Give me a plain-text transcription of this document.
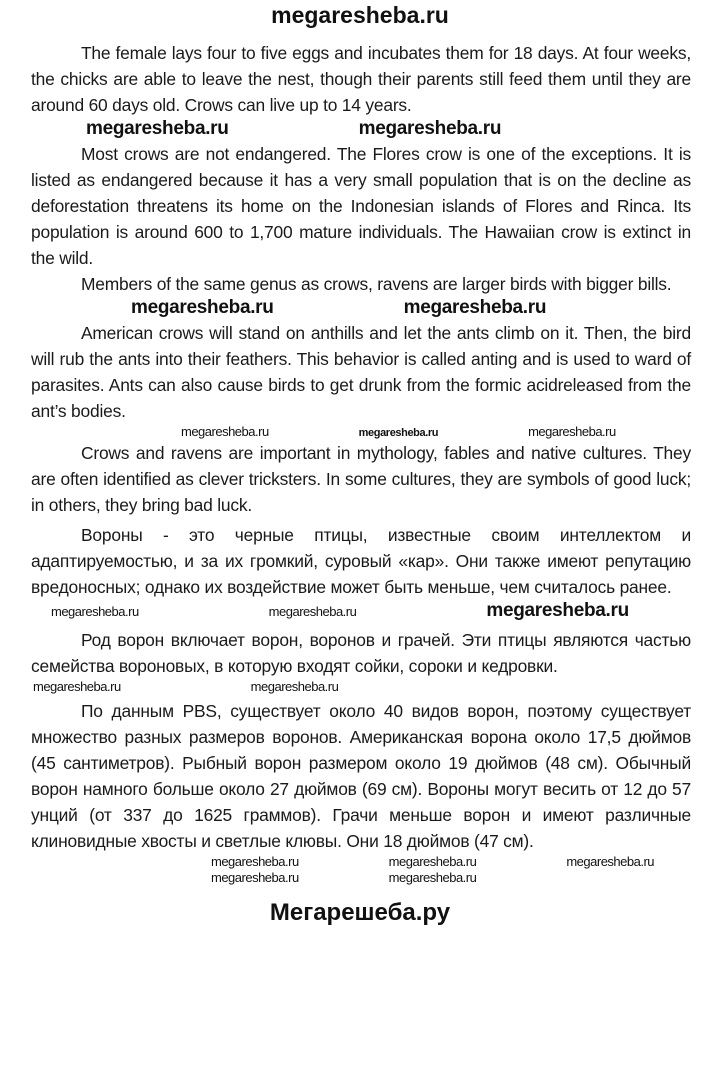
megaresheba.ru

The female lays four to five eggs and incubates them for 18 days. At four weeks, the chicks are able to leave the nest, though their parents still feed them until they are around 60 days old. Crows can live up to 14 years.

megaresheba.ru	megaresheba.ru

Most crows are not endangered. The Flores crow is one of the exceptions. It is listed as endangered because it has a very small population that is on the decline as deforestation threatens its home on the Indonesian islands of Flores and Rinca. Its population is around 600 to 1,700 mature individuals. The Hawaiian crow is extinct in the wild.

Members of the same genus as crows, ravens are larger birds with bigger bills.

megaresheba.ru	megaresheba.ru

American crows will stand on anthills and let the ants climb on it. Then, the bird will rub the ants into their feathers. This behavior is called anting and is used to ward of parasites. Ants can also cause birds to get drunk from the formic acidreleased from the ant’s bodies.

megaresheba.ru	megaresheba.ru	megaresheba.ru

Crows and ravens are important in mythology, fables and native cultures. They are often identified as clever tricksters. In some cultures, they are symbols of good luck; in others, they bring bad luck.

Вороны - это черные птицы, известные своим интеллектом и адаптируемостью, и за их громкий, суровый «кар». Они также имеют репутацию вредоносных; однако их воздействие может быть меньше, чем считалось ранее.

megaresheba.ru	megaresheba.ru	megaresheba.ru

Род ворон включает ворон, воронов и грачей. Эти птицы являются частью семейства вороновых, в которую входят сойки, сороки и кедровки.

megaresheba.ru	megaresheba.ru

По данным PBS, существует около 40 видов ворон, поэтому существует множество разных размеров воронов. Американская ворона около 17,5 дюймов (45 сантиметров). Рыбный ворон размером около 19 дюймов (48 см). Обычный ворон намного больше около 27 дюймов (69 см). Вороны могут весить от 12 до 57 унций (от 337 до 1625 граммов). Грачи меньше ворон и имеют различные клиновидные хвосты и светлые клювы. Они 18 дюймов (47 см).

megaresheba.ru	megaresheba.ru	megaresheba.ru
megaresheba.ru	megaresheba.ru
Мегарешеба.ру
